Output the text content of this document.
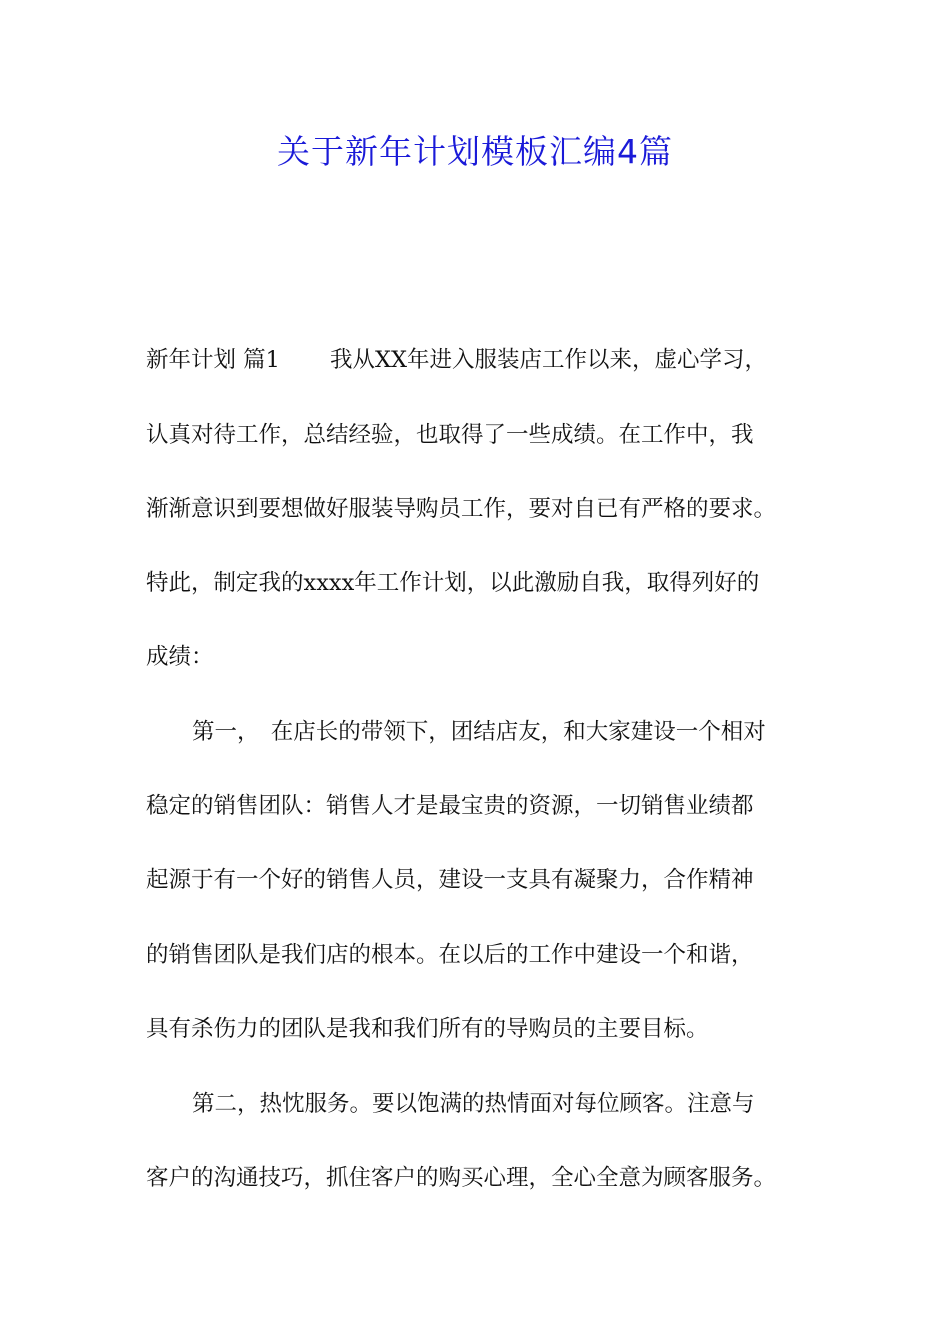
关于新年计划模板汇编4篇

新年计划 篇1 我从XX年进入服装店工作以来，虚心学习，

认真对待工作，总结经验，也取得了一些成绩。在工作中，我

渐渐意识到要想做好服装导购员工作，要对自已有严格的要求。

特此，制定我的xxxx年工作计划，以此激励自我，取得列好的

成绩：

第一，　在店长的带领下，团结店友，和大家建设一个相对

稳定的销售团队：销售人才是最宝贵的资源，一切销售业绩都

起源于有一个好的销售人员，建设一支具有凝聚力，合作精神

的销售团队是我们店的根本。在以后的工作中建设一个和谐，

具有杀伤力的团队是我和我们所有的导购员的主要目标。

第二，热忱服务。要以饱满的热情面对每位顾客。注意与

客户的沟通技巧，抓住客户的购买心理，全心全意为顾客服务。
